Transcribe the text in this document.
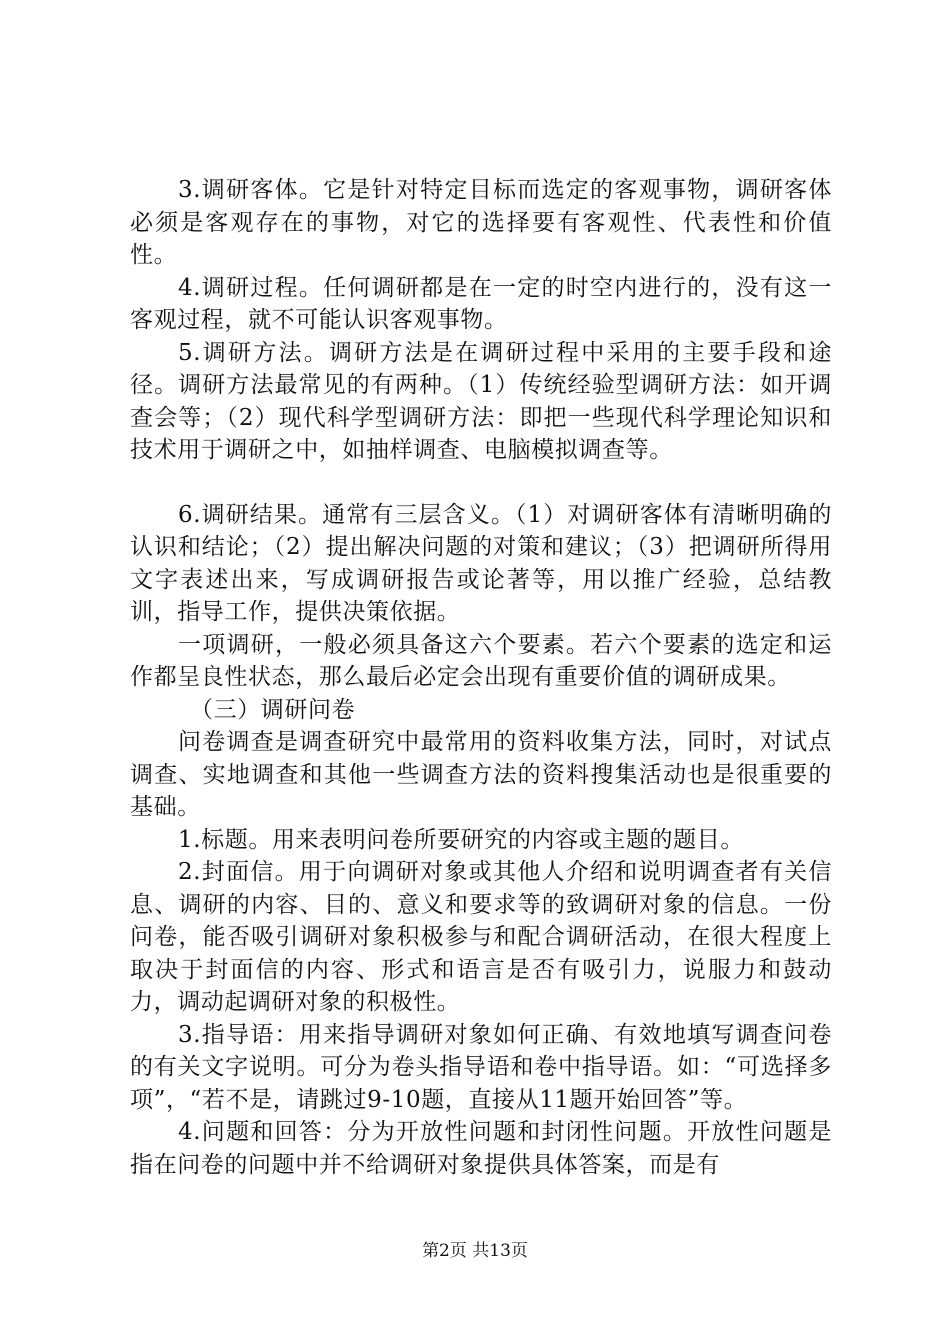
3.调研客体。它是针对特定目标而选定的客观事物，调研客体必须是客观存在的事物，对它的选择要有客观性、代表性和价值性。

4.调研过程。任何调研都是在一定的时空内进行的，没有这一客观过程，就不可能认识客观事物。

5.调研方法。调研方法是在调研过程中采用的主要手段和途径。调研方法最常见的有两种。（1）传统经验型调研方法：如开调查会等；（2）现代科学型调研方法：即把一些现代科学理论知识和技术用于调研之中，如抽样调查、电脑模拟调查等。

6.调研结果。通常有三层含义。（1）对调研客体有清晰明确的认识和结论；（2）提出解决问题的对策和建议；（3）把调研所得用文字表述出来，写成调研报告或论著等，用以推广经验，总结教训，指导工作，提供决策依据。

一项调研，一般必须具备这六个要素。若六个要素的选定和运作都呈良性状态，那么最后必定会出现有重要价值的调研成果。

（三）调研问卷

问卷调查是调查研究中最常用的资料收集方法，同时，对试点调查、实地调查和其他一些调查方法的资料搜集活动也是很重要的基础。

1.标题。用来表明问卷所要研究的内容或主题的题目。

2.封面信。用于向调研对象或其他人介绍和说明调查者有关信息、调研的内容、目的、意义和要求等的致调研对象的信息。一份问卷，能否吸引调研对象积极参与和配合调研活动，在很大程度上取决于封面信的内容、形式和语言是否有吸引力，说服力和鼓动力，调动起调研对象的积极性。

3.指导语：用来指导调研对象如何正确、有效地填写调查问卷的有关文字说明。可分为卷头指导语和卷中指导语。如：“可选择多项”，“若不是，请跳过9-10题，直接从11题开始回答”等。

4.问题和回答：分为开放性问题和封闭性问题。开放性问题是指在问卷的问题中并不给调研对象提供具体答案，而是有

第2页 共13页
